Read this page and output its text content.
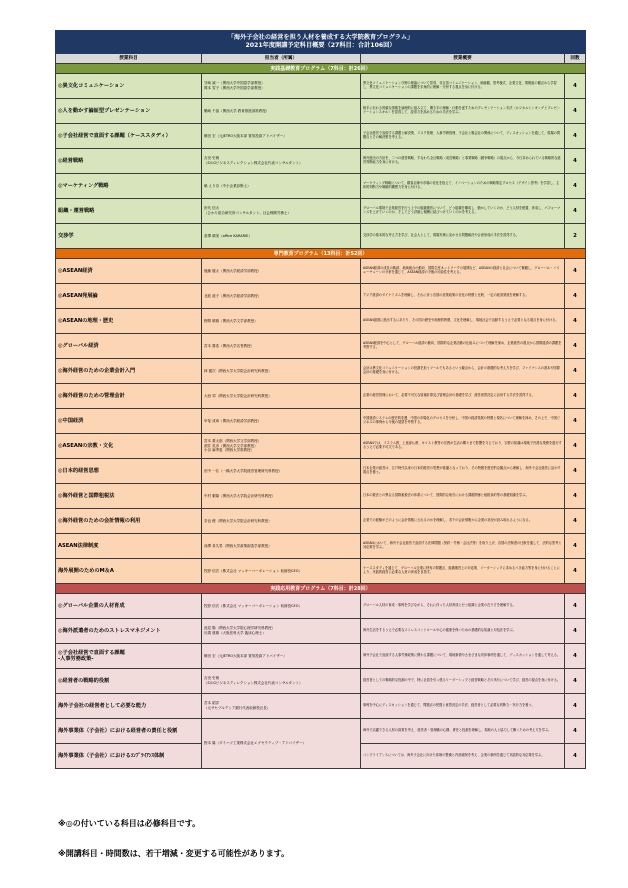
「海外子会社の経営を担う人材を養成する大学院教育プログラム」
2021年度開講予定科目概要（27科目：合計106回）			

授業科目	担当者（所属）	授業概要	回数
実践基礎教育プログラム（7科目：計26回）			

◎異文化コミュニケーション	守崎 誠一（関西大学外国語学部教授）
岡本 雪子（関西大学外国語学部教授）	異文化コミュニケーション分野の理論について習得、非言語コミュニケーション、価値観、思考様式、企業文化、情報組の観点から学習し、異文化コミュニケーションの課題を多角的に理解・分析する視点を身に付ける。	4

◎人を動かす論証型プレゼンテーション	鶴崎 千晶（関西大学 教育推進部准教授）	相手に伝わる的確な情報を論理的に組み立て、聞き手の理解・行動を促すためのプレゼンテーション手法（ロジカルシンキングとプレゼンテーションスキル）を習得して、説得力を高めるための手法を学ぶ。	4

◎子会社経営で直面する課題（ケーススタディ）	横田 宏（元JETRO大阪本部 貿易投資アドバイザー）	子会社経営で直面する課題と解決策、リスク管理、人事労務管理、子会社と親会社の関係について、ディスカッションを通して、現場の問題点とその解決策を考える。	4

◎経営戦略	吉田 史朗
（S＆Gビジネスディレクション株式会社代表コンサルタント）	海外進出の方針を、二つの経営戦略、すなわち全社戦略（成長戦略）と事業戦略（競争戦略）の視点から、今日求められている戦略的な経営判断能力を身に付ける。	4

◎マーケティング戦略	嶋 えり奈（中小企業診断士）	マーケティング戦略について、顧客目線や市場の変化を捉えて、イノベーションのための戦略策定プロセス（デザイン思考）を学習し、主体的判断力や戦略的構想力を身に付ける。	4

組織・運営戦略	田代 信太
（ひかり総合研究所コンサルタント、社会保険労務士）	グローバル環境で企業経営を行う上での組織運営について、どう組織を構成し、動かしていくのか、どう人材を配置、育成し、パフォーマンスを上げていくのか、そしてどう評価し報酬に結びつけていくのかを考える。	4

交渉学	倉澤 晴美（office KARARIE）	交渉学の基本的な考え方を学び、社会人として、現場実務に活かせる問題解決や合意形成の手法を習得する。	2
専門教育プログラム（13科目：計52回）			

◎ASEAN経済	後藤 健太（関西大学経済学部教授）	ASEAN経済の成長の軌跡、地域統合の動向、国際生産ネットワークの展開など、ASEANの経済と社会について概観し、グローバル・バリューチェーンの分析を通じて、ASEAN経済の今後の可能性を考える。	4

◎ASEAN発展論	北波 道子（関西大学経済学部教授）	アジア経済のダイナミズムを理解し、それに伴う各国の産業政策の変化の特徴と比較、一定の経済発展を理解する。	4

◎ASEANの地理・歴史	野間 晴雄（関西大学文学部教授）	ASEAN諸国に進出するにあたり、その国の歴史や地理的特徴、文化を理解し、現地社会で活動するうえで必要となる視点を身に付ける。	4

◎グローバル経済	宮本 勝浩（関西大学名誉教授）	ASEAN経済を中心として、グローバル経済の動向、国際的な企業活動の仕組みについて理解を深め、企業経営の視点から国際経済の課題を考察する。	4

◎海外経営のための企業会計入門	林 健次（関西大学大学院会計研究科教授）	会計は異文化コミュニケーションの役割を担うツールでもあるという観点から、会計の基礎的な考え方を学び、ファイナンスの基本や国際会計の基礎を身に付ける。	4

◎海外経営のための管理会計	大西 靖（関西大学大学院会計研究科教授）	企業の経営管理において、必要不可欠な原価計算及び管理会計の基礎を学び、経営意思決定に活用する手法を習得する。	4

◎中国経済	甲斐 成章（関西大学経済学部教授）	中国経済システムの歴史的変遷、中国の市場化のプロセスを分析し、中国の経済発展の特徴と現状について理解を深め、その上で、中国ビジネスの事例から今後の展望を考察する。	4

◎ASEANの宗教・文化	宮本 要太郎（関西大学文学部教授）
酒井 英彦（関西大学文学部教授）
小谷 麻季恵（関西大学准教授）	ASEANでは、イスラム教、上座部仏教、キリスト教等の宗教が生活の隅々まで影響を与えており、宗教の知識は現地で円滑な業務を遂行するうえで必要不可欠である。	4

◎日本的経営思想	田中 一弘（一橋大学大学院経営管理研究科教授）	日本企業の経営は、江戸時代以来の日本的経営の思想が基盤となっており、その特徴を歴史的な観点から理解し、海外子会社経営に活かす視点を養う。	4

◎海外経営と国際租税法	中村 繁隆（関西大学大学院会計研究科教授）	日本の税法との異なる国際租税法の体系について、国際的な取引における課税関係と租税条約等の基礎知識を学ぶ。	4

◎海外経営のための会計情報の利用	奈良 俊（関西大学大学院会計研究科教授）	企業での経験がどのように会計情報にされるのかを理解し、若干の会計情報から企業の状況が読み取れるようになる。	4

ASEAN法律制度	西澤 希久男（関西大学政策創造学部教授）	ASEANにおいて、海外子会社経営で直面する法律問題（契約・労務・会社法等）を取り上げ、各国の法制度の比較を通して、法的な思考と対応策を学ぶ。	4

海外展開のためのM＆A	牧野 信次（株式会社 マッキーコーポレーション 取締役CEO）	ケーススタディを通じて、グローバル企業に特有の問題点、組織運営上の対応策、リーダーシップに求めるべき能力等を身に付けることにより、実践的経営に必要な人材の育成を目指す。	4
実践応用教育プログラム（7科目：計28回）			

◎グローバル企業の人材育成	牧野 信次（株式会社 マッキーコーポレーション 取締役CEO）	グローバル人材の育成・事例を学びながら、それに伴った人材育成と行う組織と企業の在り方を理解する。	4

◎海外派遣者のためのストレスマネジメント	池見 陽（関西大学大学院心理学研究科教授）
川端 康雄（大阪医科大学 臨床心理士）	海外生活をするうえで必要なストレスコントロールや心の健康を保つための基礎的な知識と対処法を学ぶ。	4

◎子会社経営で直面する課題
-人事労務政策-	横田 宏（元JETRO大阪本部 貿易投資アドバイザー）	海外子会社で直面する人事労務政策に関わる課題について、現地事情やさまざまな具体事例を通して、ディスカッションを通して考える。	4

◎経営者の戦略的役割	吉田 史朗
（S＆Gビジネスディレクション株式会社代表コンサルタント）	経営者としての戦略的な役割の中で、特に社員を引っ張るリーダーシップと経営戦略とその実行について学び、経営の視点を身に付ける。	4

海外子会社の経営者として必要な能力	宮本 昭洋
（元サセブルデンア銀行代表取締役社長）	事例を中心にディスカッションを通じて、問題点の把握と意思決定の手法、経営者として必要な判断力・実行力を養う。	4

海外事業体（子会社）における経営者の責任と役割	野本 隆（ダイハツ工業株式会社エグゼクティブ・アドバイザー）	海外で活躍できる人材の資質を考え、経営者・管理職の心構、責任と役割を理解し、現地の人と協力して働くための考え方を学ぶ。	4

海外事業体（子会社）におけるｺﾝﾌﾟﾗｲｱﾝｽ体制		コンプライアンスについては、海外子会社に向けた体制の整備と内部統制を考え、企業の事例を通じて実践的な対応策を学ぶ。	4
※◎の付いている科目は必修科目です。
※開講科目・時間数は、若干増減・変更する可能性があります。
